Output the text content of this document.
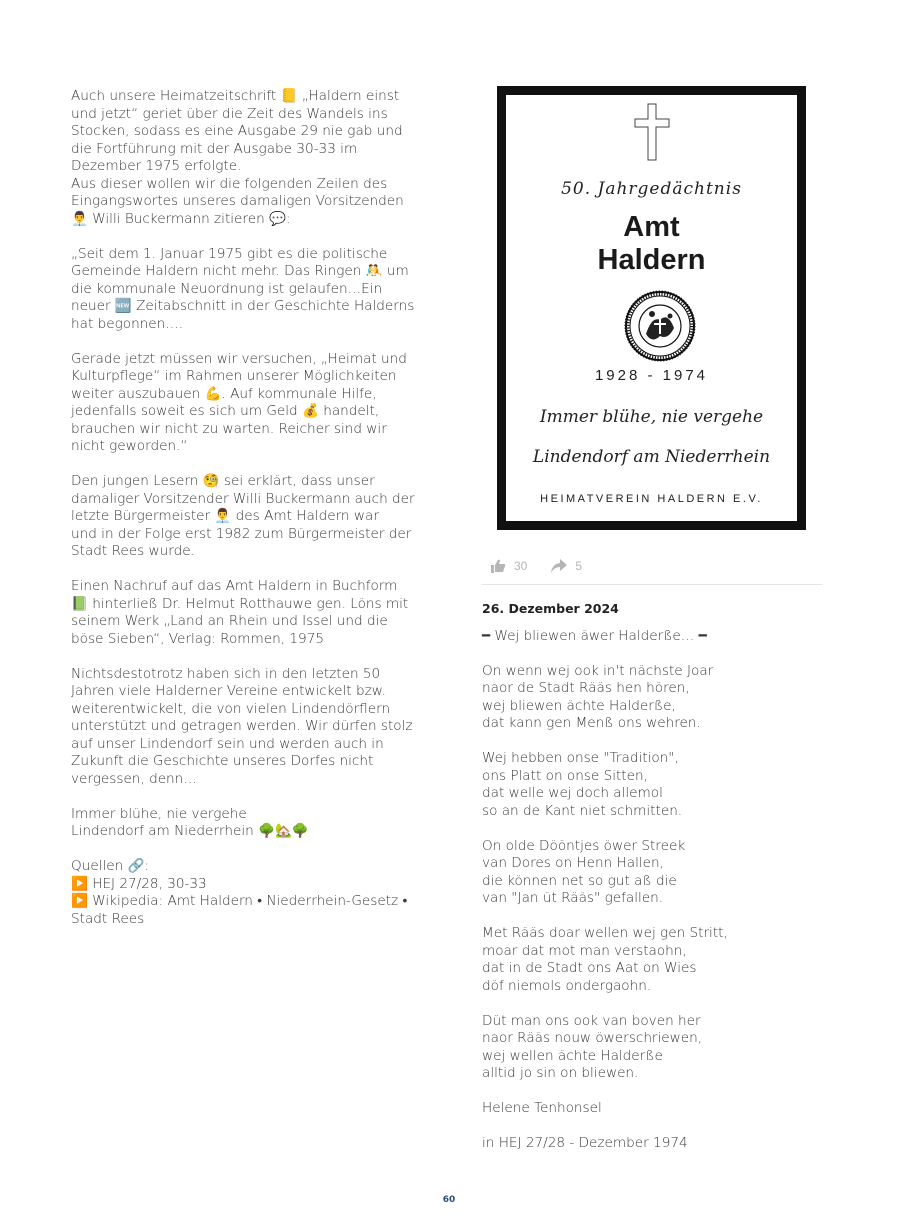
Auch unsere Heimatzeitschrift 📒 „Haldern einst
und jetzt“ geriet über die Zeit des Wandels ins
Stocken, sodass es eine Ausgabe 29 nie gab und
die Fortführung mit der Ausgabe 30-33 im
Dezember 1975 erfolgte.
Aus dieser wollen wir die folgenden Zeilen des
Eingangswortes unseres damaligen Vorsitzenden
👨‍💼 Willi Buckermann zitieren 💬:

„Seit dem 1. Januar 1975 gibt es die politische
Gemeinde Haldern nicht mehr. Das Ringen 🤼 um
die kommunale Neuordnung ist gelaufen…Ein
neuer 🆕 Zeitabschnitt in der Geschichte Halderns
hat begonnen.…

Gerade jetzt müssen wir versuchen, „Heimat und
Kulturpflege“ im Rahmen unserer Möglichkeiten
weiter auszubauen 💪. Auf kommunale Hilfe,
jedenfalls soweit es sich um Geld 💰 handelt,
brauchen wir nicht zu warten. Reicher sind wir
nicht geworden.“

Den jungen Lesern 🧐 sei erklärt, dass unser
damaliger Vorsitzender Willi Buckermann auch der
letzte Bürgermeister 👨‍💼 des Amt Haldern war
und in der Folge erst 1982 zum Bürgermeister der
Stadt Rees wurde.

Einen Nachruf auf das Amt Haldern in Buchform
📗 hinterließ Dr. Helmut Rotthauwe gen. Löns mit
seinem Werk „Land an Rhein und Issel und die
böse Sieben“, Verlag: Rommen, 1975

Nichtsdestotrotz haben sich in den letzten 50
Jahren viele Halderner Vereine entwickelt bzw.
weiterentwickelt, die von vielen Lindendörflern
unterstützt und getragen werden. Wir dürfen stolz
auf unser Lindendorf sein und werden auch in
Zukunft die Geschichte unseres Dorfes nicht
vergessen, denn…

Immer blühe, nie vergehe
Lindendorf am Niederrhein 🌳🏡🌳

Quellen 🔗:
▶️ HEJ 27/28, 30-33
▶️ Wikipedia: Amt Haldern • Niederrhein-Gesetz •
Stadt Rees

50. Jahrgedächtnis
Amt
Haldern
1928 - 1974
Immer blühe, nie vergehe
Lindendorf am Niederrhein
HEIMATVEREIN HALDERN E.V.
30	5
26. Dezember 2024

━ Wej bliewen äwer Halderße… ━

On wenn wej ook in't nächste Joar
naor de Stadt Rääs hen hören,
wej bliewen ächte Halderße,
dat kann gen Menß ons wehren.

Wej hebben onse "Tradition",
ons Platt on onse Sitten,
dat welle wej doch allemol
so an de Kant niet schmitten.

On olde Dööntjes öwer Streek
van Dores on Henn Hallen,
die können net so gut aß die
van "Jan üt Rääs" gefallen.

Met Rääs doar wellen wej gen Stritt,
moar dat mot man verstaohn,
dat in de Stadt ons Aat on Wies
döf niemols ondergaohn.

Düt man ons ook van boven her
naor Rääs nouw öwerschriewen,
wej wellen ächte Halderße
alltid jo sin on bliewen.

Helene Tenhonsel

in HEJ 27/28 - Dezember 1974

60
